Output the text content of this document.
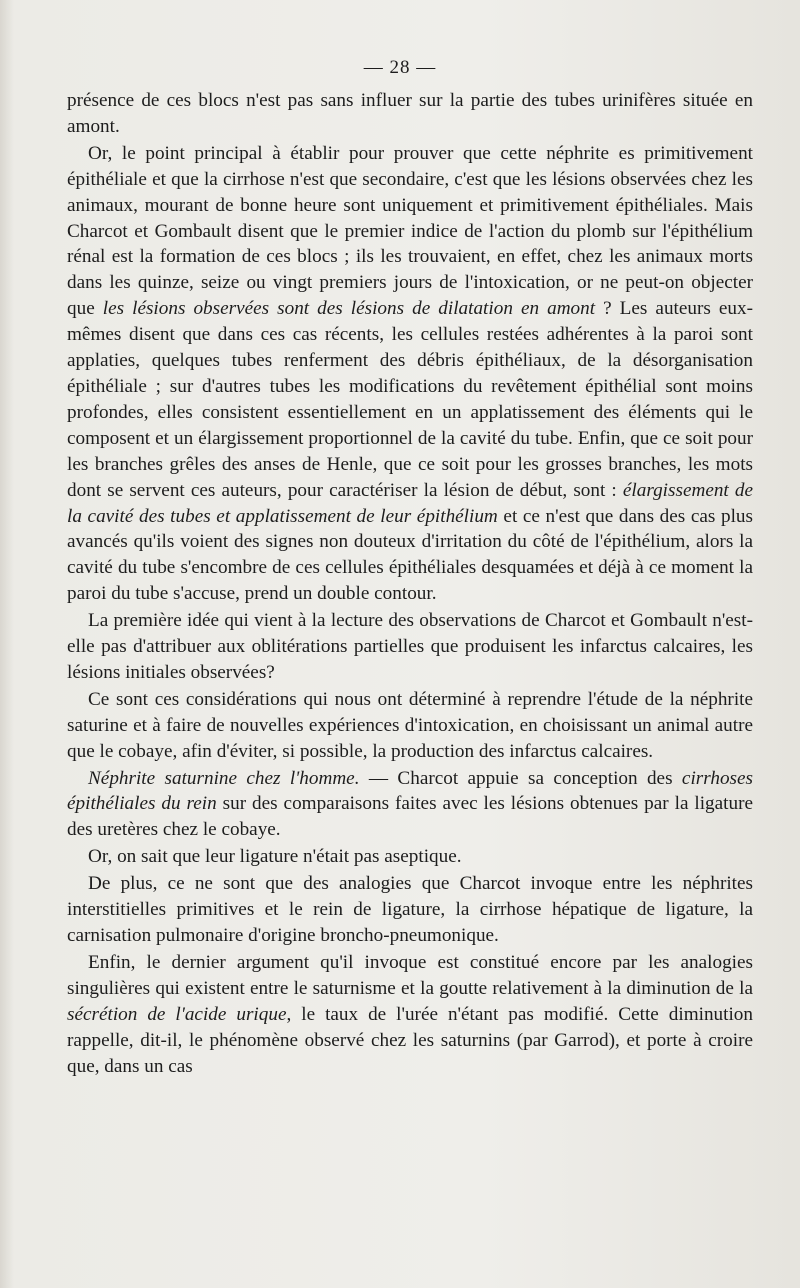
— 28 —

présence de ces blocs n'est pas sans influer sur la partie des tubes urinifères située en amont.

Or, le point principal à établir pour prouver que cette néphrite es primitivement épithéliale et que la cirrhose n'est que secondaire, c'est que les lésions observées chez les animaux, mourant de bonne heure sont uniquement et primitivement épithéliales. Mais Charcot et Gombault disent que le premier indice de l'action du plomb sur l'épithélium rénal est la formation de ces blocs ; ils les trouvaient, en effet, chez les animaux morts dans les quinze, seize ou vingt premiers jours de l'intoxication, or ne peut-on objecter que les lésions observées sont des lésions de dilatation en amont ? Les auteurs eux-mêmes disent que dans ces cas récents, les cellules restées adhérentes à la paroi sont applaties, quelques tubes renferment des débris épithéliaux, de la désorganisation épithéliale ; sur d'autres tubes les modifications du revêtement épithélial sont moins profondes, elles consistent essentiellement en un applatissement des éléments qui le composent et un élargissement proportionnel de la cavité du tube. Enfin, que ce soit pour les branches grêles des anses de Henle, que ce soit pour les grosses branches, les mots dont se servent ces auteurs, pour caractériser la lésion de début, sont : élargissement de la cavité des tubes et applatissement de leur épithélium et ce n'est que dans des cas plus avancés qu'ils voient des signes non douteux d'irritation du côté de l'épithélium, alors la cavité du tube s'encombre de ces cellules épithéliales desquamées et déjà à ce moment la paroi du tube s'accuse, prend un double contour.

La première idée qui vient à la lecture des observations de Charcot et Gombault n'est-elle pas d'attribuer aux oblitérations partielles que produisent les infarctus calcaires, les lésions initiales observées?

Ce sont ces considérations qui nous ont déterminé à reprendre l'étude de la néphrite saturine et à faire de nouvelles expériences d'intoxication, en choisissant un animal autre que le cobaye, afin d'éviter, si possible, la production des infarctus calcaires.

Néphrite saturnine chez l'homme. — Charcot appuie sa conception des cirrhoses épithéliales du rein sur des comparaisons faites avec les lésions obtenues par la ligature des uretères chez le cobaye.

Or, on sait que leur ligature n'était pas aseptique.

De plus, ce ne sont que des analogies que Charcot invoque entre les néphrites interstitielles primitives et le rein de ligature, la cirrhose hépatique de ligature, la carnisation pulmonaire d'origine broncho-pneumonique.

Enfin, le dernier argument qu'il invoque est constitué encore par les analogies singulières qui existent entre le saturnisme et la goutte relativement à la diminution de la sécrétion de l'acide urique, le taux de l'urée n'étant pas modifié. Cette diminution rappelle, dit-il, le phénomène observé chez les saturnins (par Garrod), et porte à croire que, dans un cas
